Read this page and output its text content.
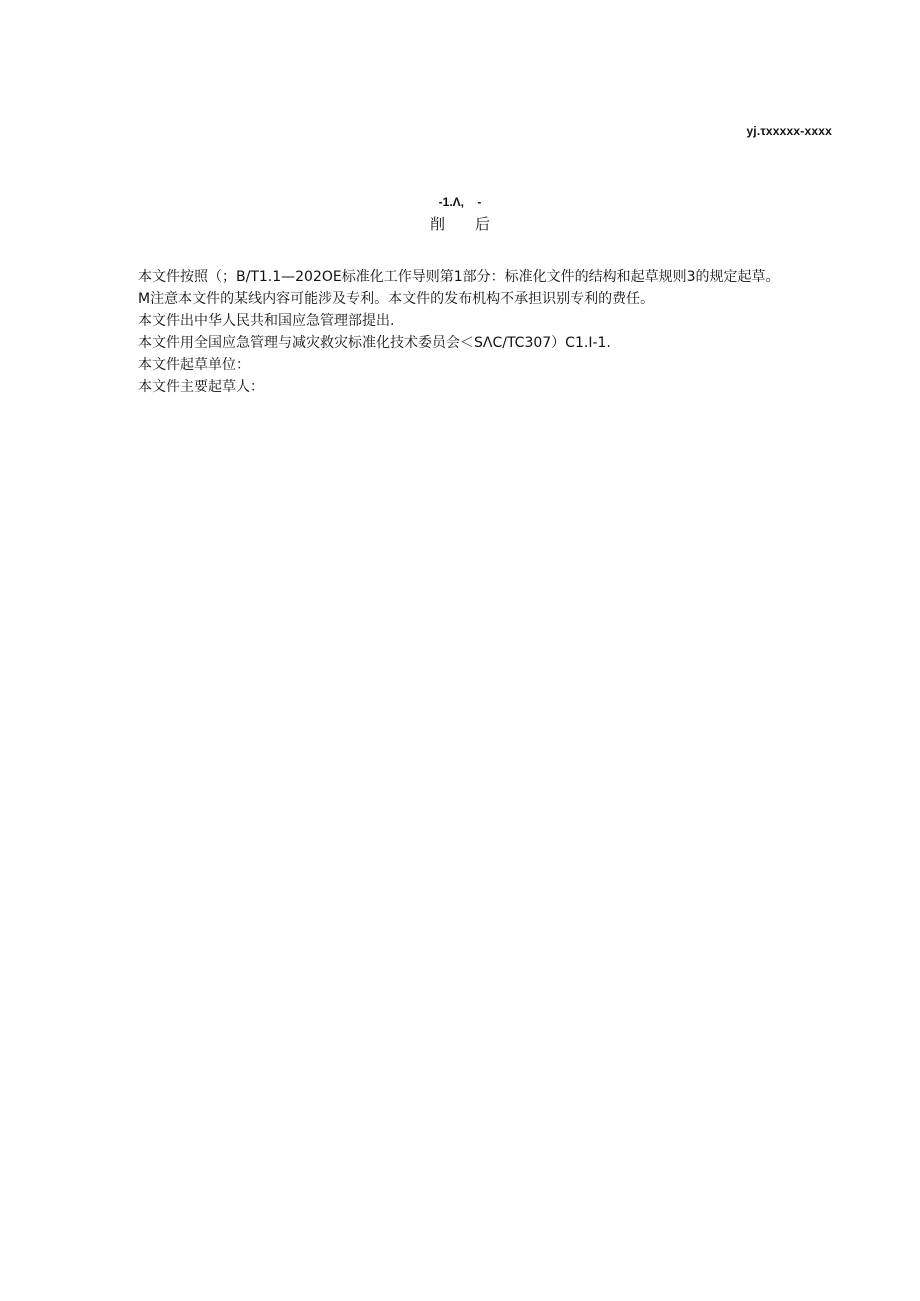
yj.τxxxxx-xxxx
-1.Λ,    -
削 后

本文件按照（；B/T1.1—202OE标准化工作导则第1部分：标准化文件的结构和起草规则3的规定起草。

M注意本文件的某线内容可能涉及专利。本文件的发布机构不承担识别专利的费任。

本文件出中华人民共和国应急管理部提出.

本文件用全国应急管理与减灾救灾标准化技术委员会＜SΛC∕TC307）C1.I-1.

本文件起草单位：

本文件主要起草人：
